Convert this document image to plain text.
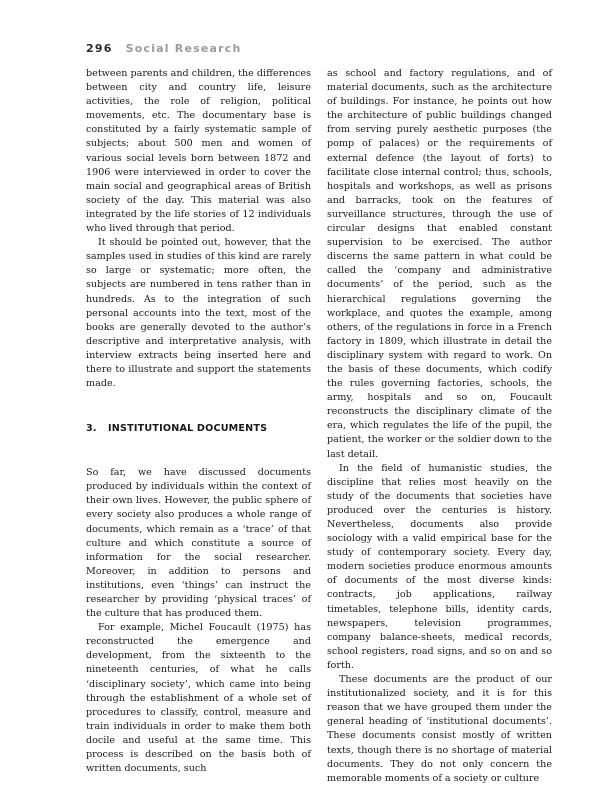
296 Social Research

between parents and children, the differences between city and country life, leisure activities, the role of religion, political movements, etc. The documentary base is constituted by a fairly systematic sample of subjects; about 500 men and women of various social levels born between 1872 and 1906 were interviewed in order to cover the main social and geographical areas of British society of the day. This material was also integrated by the life stories of 12 individuals who lived through that period.

It should be pointed out, however, that the samples used in studies of this kind are rarely so large or systematic; more often, the subjects are numbered in tens rather than in hundreds. As to the integration of such personal accounts into the text, most of the books are generally devoted to the author’s descriptive and interpretative analysis, with interview extracts being inserted here and there to illustrate and support the statements made.

3. INSTITUTIONAL DOCUMENTS

So far, we have discussed documents produced by individuals within the context of their own lives. However, the public sphere of every society also produces a whole range of documents, which remain as a ‘trace’ of that culture and which constitute a source of information for the social researcher. Moreover, in addition to persons and institutions, even ‘things’ can instruct the researcher by providing ‘physical traces’ of the culture that has produced them.

For example, Michel Foucault (1975) has reconstructed the emergence and development, from the sixteenth to the nineteenth centuries, of what he calls ‘disciplinary society’, which came into being through the establishment of a whole set of procedures to classify, control, measure and train individuals in order to make them both docile and useful at the same time. This process is described on the basis both of written documents, such

as school and factory regulations, and of material documents, such as the architecture of buildings. For instance, he points out how the architecture of public buildings changed from serving purely aesthetic purposes (the pomp of palaces) or the requirements of external defence (the layout of forts) to facilitate close internal control; thus, schools, hospitals and workshops, as well as prisons and barracks, took on the features of surveillance structures, through the use of circular designs that enabled constant supervision to be exercised. The author discerns the same pattern in what could be called the ‘company and administrative documents’ of the period, such as the hierarchical regulations governing the workplace, and quotes the example, among others, of the regulations in force in a French factory in 1809, which illustrate in detail the disciplinary system with regard to work. On the basis of these documents, which codify the rules governing factories, schools, the army, hospitals and so on, Foucault reconstructs the disciplinary climate of the era, which regulates the life of the pupil, the patient, the worker or the soldier down to the last detail.

In the field of humanistic studies, the discipline that relies most heavily on the study of the documents that societies have produced over the centuries is history. Nevertheless, documents also provide sociology with a valid empirical base for the study of contemporary society. Every day, modern societies produce enormous amounts of documents of the most diverse kinds: contracts, job applications, railway timetables, telephone bills, identity cards, newspapers, television programmes, company balance-sheets, medical records, school registers, road signs, and so on and so forth.

These documents are the product of our institutionalized society, and it is for this reason that we have grouped them under the general heading of ‘institutional documents’. These documents consist mostly of written texts, though there is no shortage of material documents. They do not only concern the memorable moments of a society or culture
